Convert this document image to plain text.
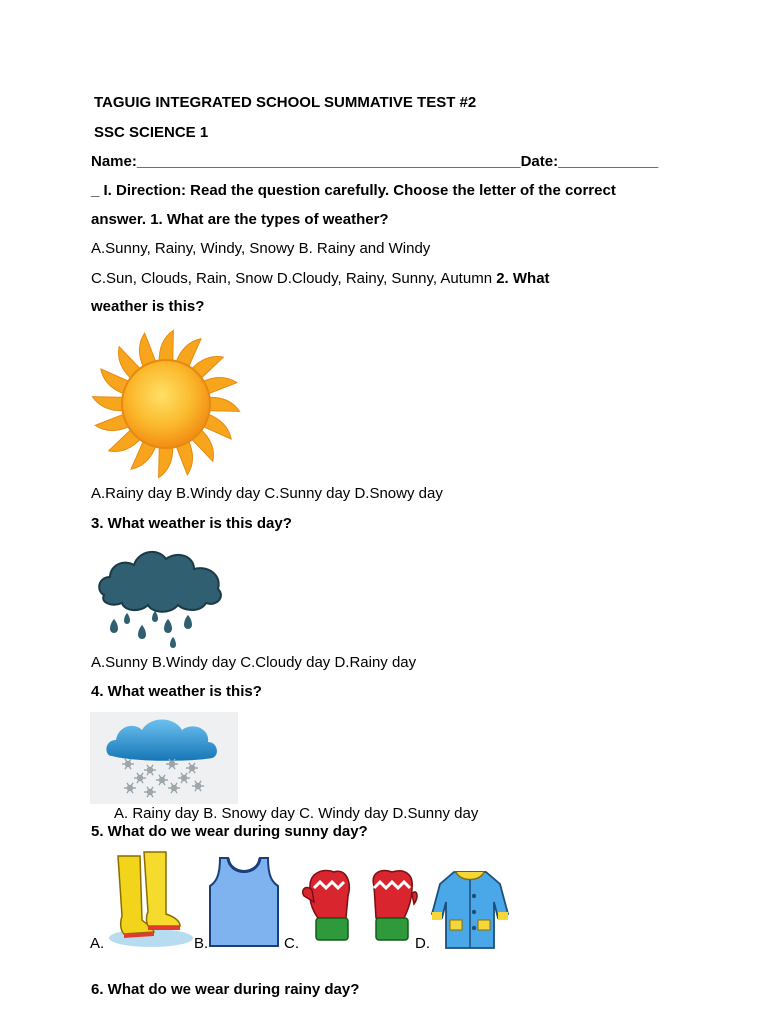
TAGUIG INTEGRATED SCHOOL SUMMATIVE TEST #2
SSC SCIENCE 1
Name:______________________________________________Date:____________
_ I. Direction: Read the question carefully. Choose the letter of the correct
answer. 1. What are the types of weather?
A.Sunny, Rainy, Windy, Snowy B. Rainy and Windy
C.Sun, Clouds, Rain, Snow D.Cloudy, Rainy, Sunny, Autumn 2. What
weather is this?
A.Rainy day B.Windy day C.Sunny day D.Snowy day
3. What weather is this day?
A.Sunny B.Windy day C.Cloudy day D.Rainy day
4. What weather is this?
A. Rainy day B. Snowy day C. Windy day D.Sunny day
5. What do we wear during sunny day?
A.	B.	C.	D.
6. What do we wear during rainy day?
